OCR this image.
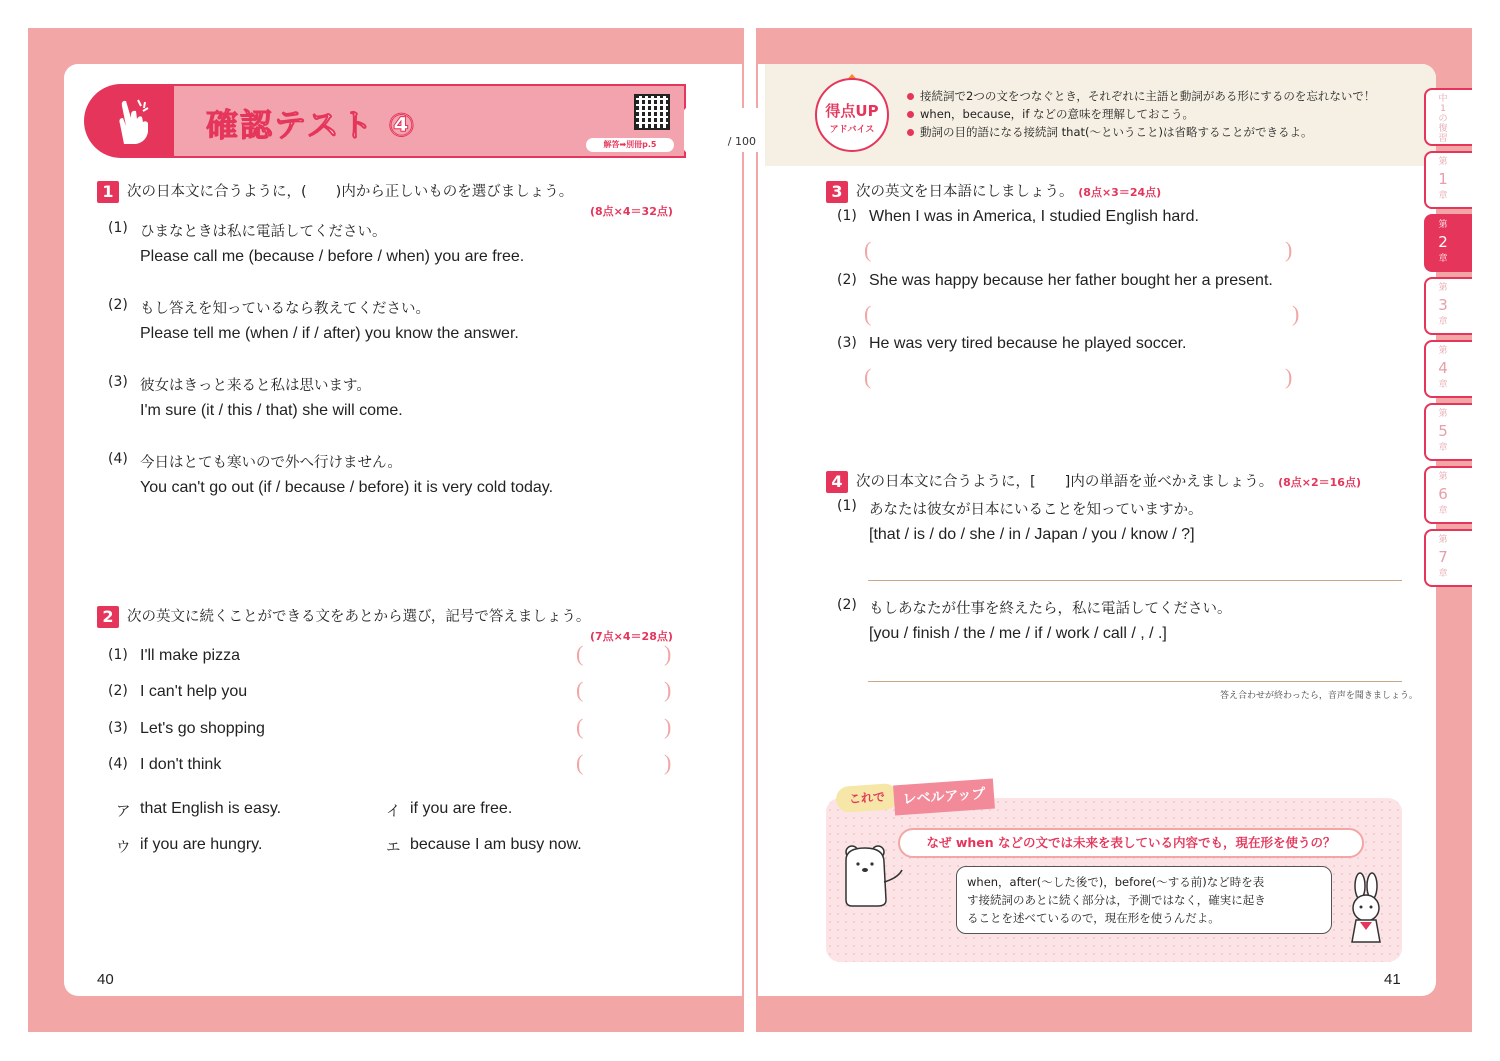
確認テスト ④
目標
解答➡別冊p.5	/ 100
1 次の日本文に合うように，(　　)内から正しいものを選びましょう。
(8点×4＝32点)
(1) ひまなときは私に電話してください。
Please call me (because / before / when) you are free.
(2) もし答えを知っているなら教えてください。
Please tell me (when / if / after) you know the answer.
(3) 彼女はきっと来ると私は思います。
I'm sure (it / this / that) she will come.
(4) 今日はとても寒いので外へ行けません。
You can't go out (if / because / before) it is very cold today.
2 次の英文に続くことができる文をあとから選び，記号で答えましょう。
(7点×4＝28点)
(1) I'll make pizza	(	)
(2) I can't help you	(	)
(3) Let's go shopping	(	)
(4) I don't think	(	)
ア that English is easy.	イ if you are free.
ウ if you are hungry.	エ because I am busy now.
40
得点UP
アドバイス
接続詞で2つの文をつなぐとき，それぞれに主語と動詞がある形にするのを忘れないで！
when，because，if などの意味を理解しておこう。
動詞の目的語になる接続詞 that(～ということ)は省略することができるよ。
中1の復習
第
1
章
第
2
章
第
3
章
第
4
章
第
5
章
第
6
章
第
7
章
3 次の英文を日本語にしましょう。 (8点×3＝24点)
(1) When I was in America, I studied English hard.
(	)
(2) She was happy because her father bought her a present.
(	)
(3) He was very tired because he played soccer.
(	)
4 次の日本文に合うように，[　　]内の単語を並べかえましょう。 (8点×2＝16点)
(1) あなたは彼女が日本にいることを知っていますか。
[that / is / do / she / in / Japan / you / know / ?]
(2) もしあなたが仕事を終えたら，私に電話してください。
[you / finish / the / me / if / work / call / , / .]
答え合わせが終わったら，音声を聞きましょう。
これで	レベルアップ
なぜ when などの文では未来を表している内容でも，現在形を使うの？
when，after(～した後で)，before(～する前)など時を表
す接続詞のあとに続く部分は，予測ではなく，確実に起き
ることを述べているので，現在形を使うんだよ。
41
